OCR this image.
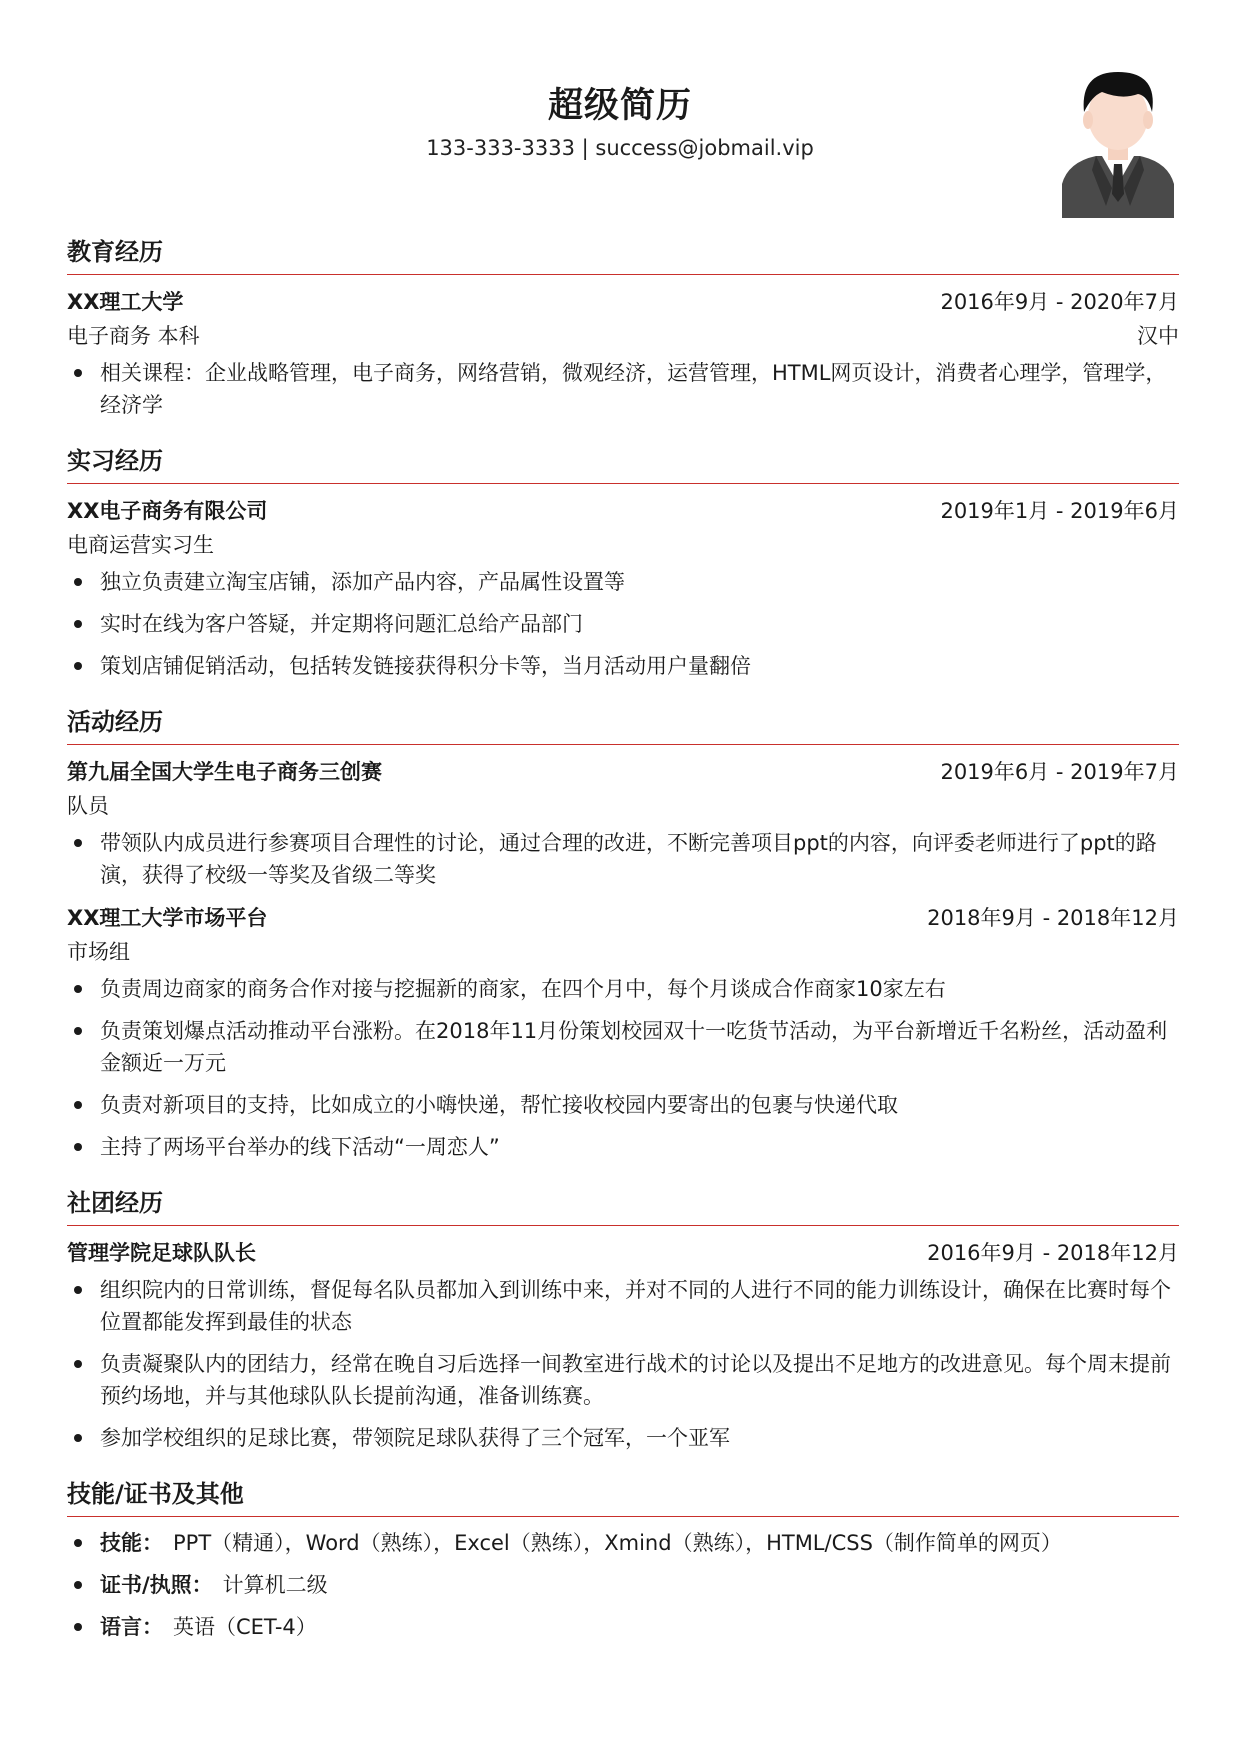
超级简历
133-333-3333 | success@jobmail.vip
教育经历
XX理工大学	2016年9月 - 2020年7月
电子商务 本科	汉中
相关课程：企业战略管理，电子商务，网络营销，微观经济，运营管理，HTML网页设计，消费者心理学，管理学，经济学
实习经历
XX电子商务有限公司	2019年1月 - 2019年6月
电商运营实习生
独立负责建立淘宝店铺，添加产品内容，产品属性设置等
实时在线为客户答疑，并定期将问题汇总给产品部门
策划店铺促销活动，包括转发链接获得积分卡等，当月活动用户量翻倍
活动经历
第九届全国大学生电子商务三创赛	2019年6月 - 2019年7月
队员
带领队内成员进行参赛项目合理性的讨论，通过合理的改进，不断完善项目ppt的内容，向评委老师进行了ppt的路演，获得了校级一等奖及省级二等奖
XX理工大学市场平台	2018年9月 - 2018年12月
市场组
负责周边商家的商务合作对接与挖掘新的商家，在四个月中，每个月谈成合作商家10家左右
负责策划爆点活动推动平台涨粉。在2018年11月份策划校园双十一吃货节活动，为平台新增近千名粉丝，活动盈利金额近一万元
负责对新项目的支持，比如成立的小嗨快递，帮忙接收校园内要寄出的包裹与快递代取
主持了两场平台举办的线下活动“一周恋人”
社团经历
管理学院足球队队长	2016年9月 - 2018年12月
组织院内的日常训练，督促每名队员都加入到训练中来，并对不同的人进行不同的能力训练设计，确保在比赛时每个位置都能发挥到最佳的状态
负责凝聚队内的团结力，经常在晚自习后选择一间教室进行战术的讨论以及提出不足地方的改进意见。每个周末提前预约场地，并与其他球队队长提前沟通，准备训练赛。
参加学校组织的足球比赛，带领院足球队获得了三个冠军，一个亚军
技能/证书及其他
技能： PPT（精通），Word（熟练），Excel（熟练），Xmind（熟练），HTML/CSS（制作简单的网页）
证书/执照： 计算机二级
语言： 英语（CET-4）
